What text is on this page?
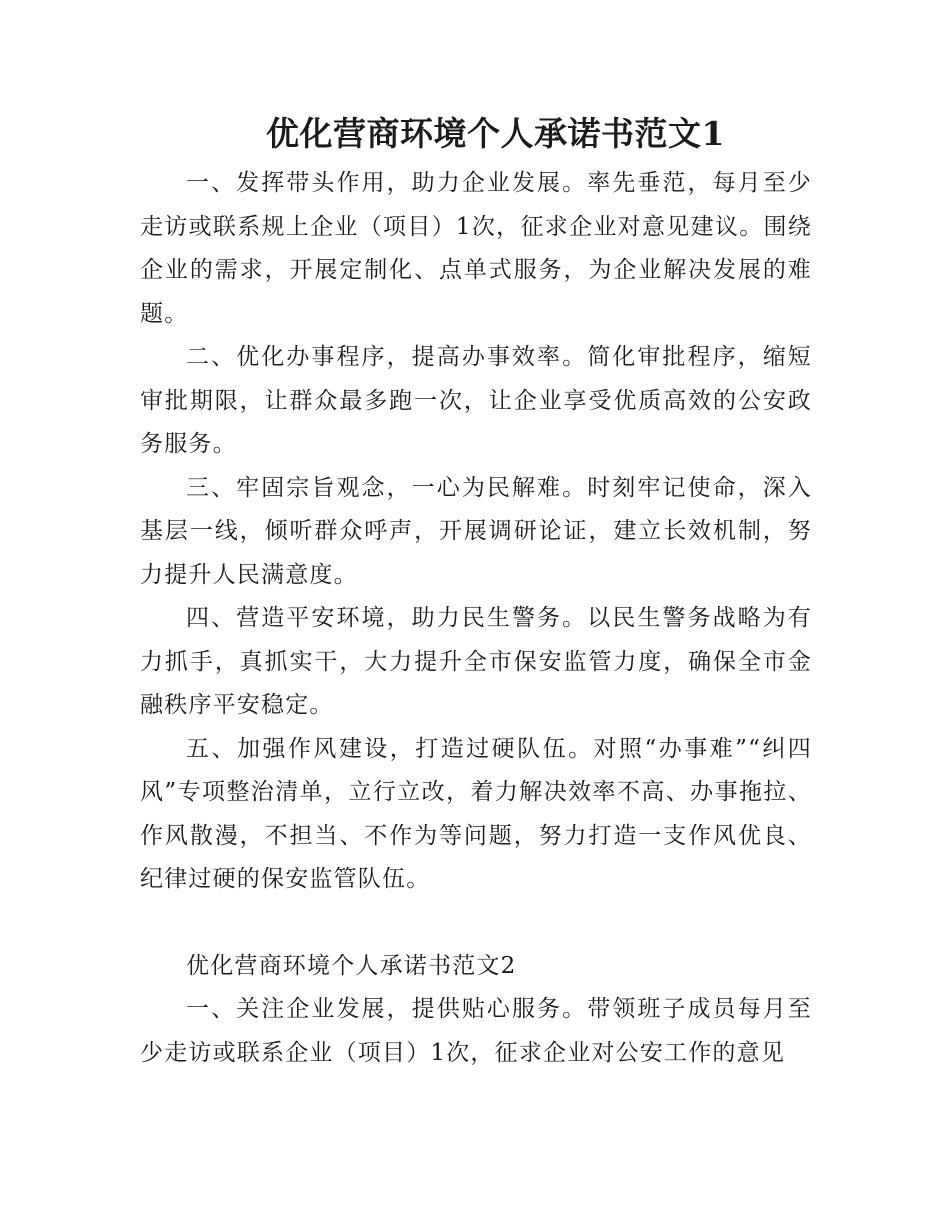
优化营商环境个人承诺书范文1

一、发挥带头作用，助力企业发展。率先垂范，每月至少走访或联系规上企业（项目）1次，征求企业对意见建议。围绕企业的需求，开展定制化、点单式服务，为企业解决发展的难题。

二、优化办事程序，提高办事效率。简化审批程序，缩短审批期限，让群众最多跑一次，让企业享受优质高效的公安政务服务。

三、牢固宗旨观念，一心为民解难。时刻牢记使命，深入基层一线，倾听群众呼声，开展调研论证，建立长效机制，努力提升人民满意度。

四、营造平安环境，助力民生警务。以民生警务战略为有力抓手，真抓实干，大力提升全市保安监管力度，确保全市金融秩序平安稳定。

五、加强作风建设，打造过硬队伍。对照“办事难”“纠四风”专项整治清单，立行立改，着力解决效率不高、办事拖拉、作风散漫，不担当、不作为等问题，努力打造一支作风优良、纪律过硬的保安监管队伍。

优化营商环境个人承诺书范文2

一、关注企业发展，提供贴心服务。带领班子成员每月至少走访或联系企业（项目）1次，征求企业对公安工作的意见
